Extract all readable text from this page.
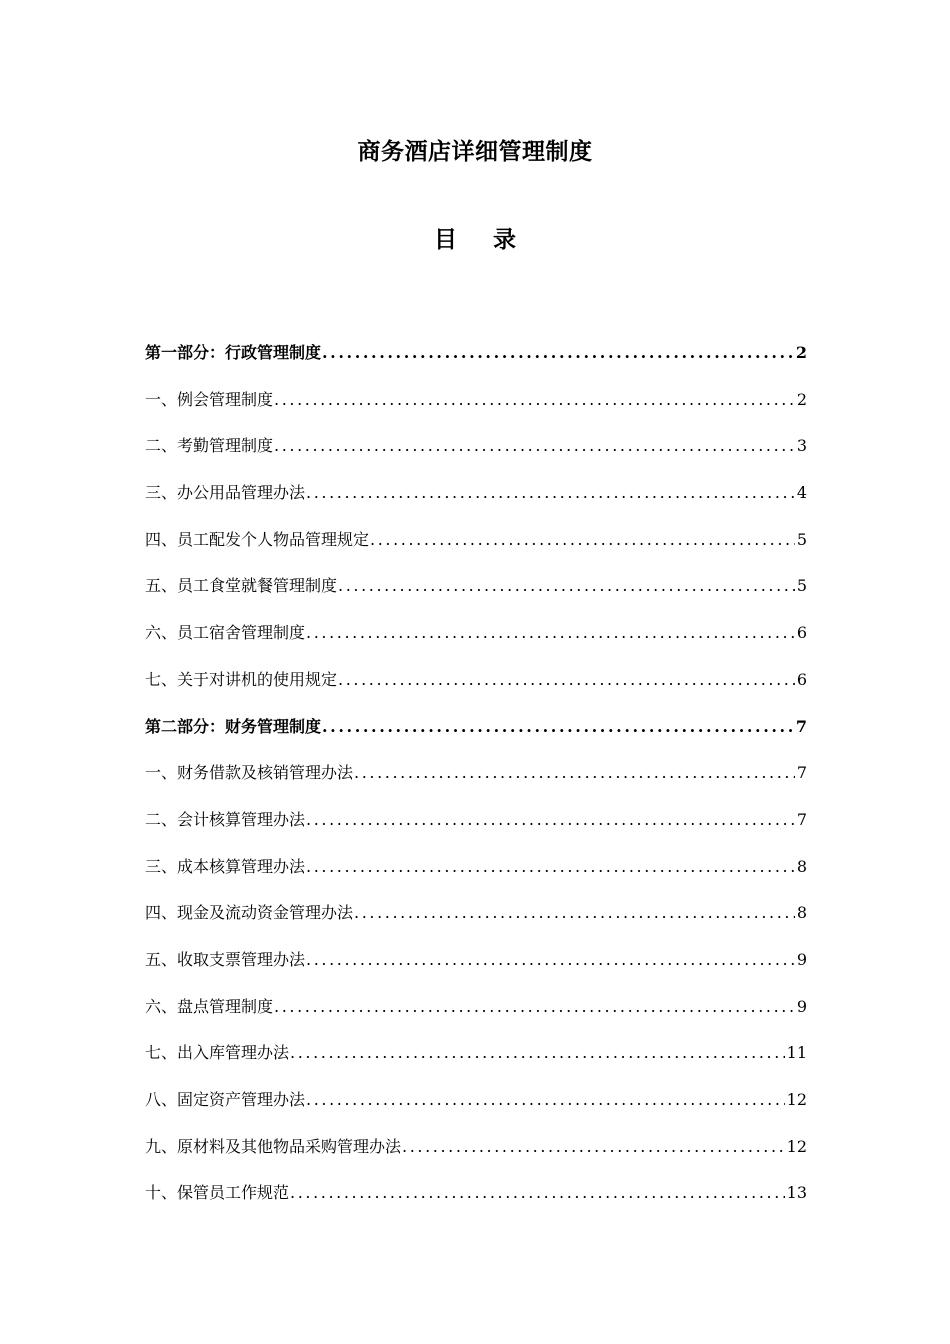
商务酒店详细管理制度
目 录
第一部分：行政管理制度 .....	2
一、例会管理制度 .....	2
二、考勤管理制度 .....	3
三、办公用品管理办法 .....	4
四、员工配发个人物品管理规定 .....	5
五、员工食堂就餐管理制度 .....	5
六、员工宿舍管理制度 .....	6
七、关于对讲机的使用规定 .....	6
第二部分：财务管理制度 .....	7
一、财务借款及核销管理办法 .....	7
二、会计核算管理办法 .....	7
三、成本核算管理办法 .....	8
四、现金及流动资金管理办法 .....	8
五、收取支票管理办法 .....	9
六、盘点管理制度 .....	9
七、出入库管理办法 .....	11
八、固定资产管理办法 .....	12
九、原材料及其他物品采购管理办法 .....	12
十、保管员工作规范 .....	13
